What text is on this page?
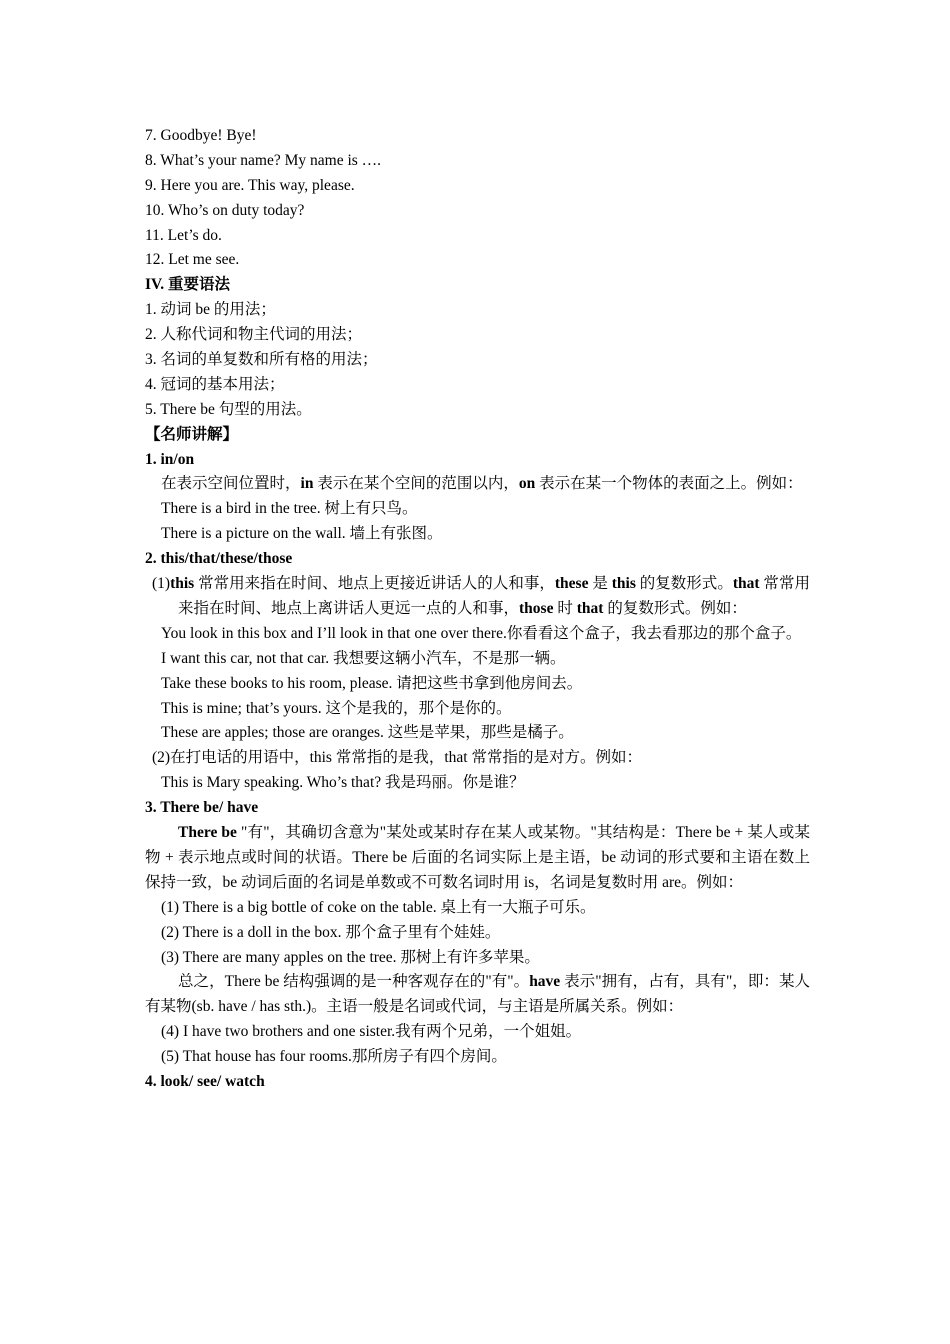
7. Goodbye! Bye!
8. What’s your name? My name is ….
9. Here you are. This way, please.
10. Who’s on duty today?
11. Let’s do.
12. Let me see.
IV. 重要语法
1. 动词 be 的用法；
2. 人称代词和物主代词的用法；
3. 名词的单复数和所有格的用法；
4. 冠词的基本用法；
5. There be 句型的用法。
【名师讲解】
1. in/on
在表示空间位置时，in 表示在某个空间的范围以内，on 表示在某一个物体的表面之上。例如：
There is a bird in the tree. 树上有只鸟。
There is a picture on the wall. 墙上有张图。
2. this/that/these/those
(1)this 常常用来指在时间、地点上更接近讲话人的人和事，these 是 this 的复数形式。that 常常用来指在时间、地点上离讲话人更远一点的人和事，those 时 that 的复数形式。例如：
You look in this box and I’ll look in that one over there.你看看这个盒子，我去看那边的那个盒子。
I want this car, not that car. 我想要这辆小汽车，不是那一辆。
Take these books to his room, please. 请把这些书拿到他房间去。
This is mine; that’s yours. 这个是我的，那个是你的。
These are apples; those are oranges. 这些是苹果，那些是橘子。
(2)在打电话的用语中，this 常常指的是我，that 常常指的是对方。例如：
This is Mary speaking. Who’s that? 我是玛丽。你是谁？
3. There be/ have
There be "有"，其确切含意为"某处或某时存在某人或某物。"其结构是：There be + 某人或某物 + 表示地点或时间的状语。There be 后面的名词实际上是主语，be 动词的形式要和主语在数上保持一致，be 动词后面的名词是单数或不可数名词时用 is，名词是复数时用 are。例如：
(1) There is a big bottle of coke on the table. 桌上有一大瓶子可乐。
(2) There is a doll in the box. 那个盒子里有个娃娃。
(3) There are many apples on the tree. 那树上有许多苹果。
总之，There be 结构强调的是一种客观存在的"有"。have 表示"拥有，占有，具有"，即：某人有某物(sb. have / has sth.)。主语一般是名词或代词，与主语是所属关系。例如：
(4) I have two brothers and one sister.我有两个兄弟，一个姐姐。
(5) That house has four rooms.那所房子有四个房间。
4. look/ see/ watch
